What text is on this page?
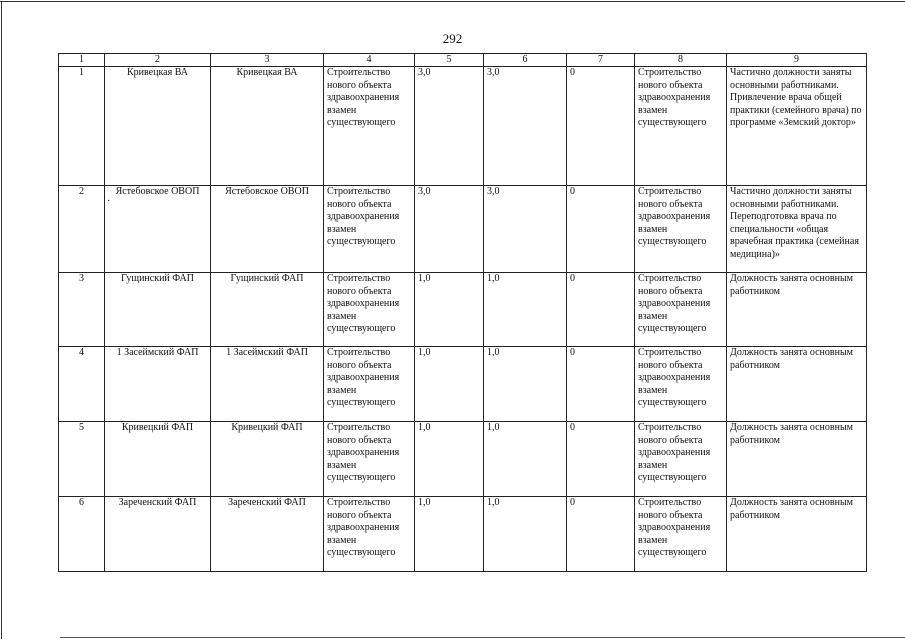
292
·
1	2	3	4	5	6	7	8	9
1	Кривецкая ВА	Кривецкая ВА	Строительство нового объекта здравоохранения взамен существующего	3,0	3,0	0	Строительство нового объекта здравоохранения взамен существующего	Частично должности заняты основными работниками. Привлечение врача общей практики (семейного врача) по программе «Земский доктор»
2	Ястебовское ОВОП	Ястебовское ОВОП	Строительство нового объекта здравоохранения взамен существующего	3,0	3,0	0	Строительство нового объекта здравоохранения взамен существующего	Частично должности заняты основными работниками. Переподготовка врача по специальности «общая врачебная практика (семейная медицина)»
3	Гущинский ФАП	Гущинский ФАП	Строительство нового объекта здравоохранения взамен существующего	1,0	1,0	0	Строительство нового объекта здравоохранения взамен существующего	Должность занята основным работником
4	1 Засеймский ФАП	1 Засеймский ФАП	Строительство нового объекта здравоохранения взамен существующего	1,0	1,0	0	Строительство нового объекта здравоохранения взамен существующего	Должность занята основным работником
5	Кривецкий ФАП	Кривецкий ФАП	Строительство нового объекта здравоохранения взамен существующего	1,0	1,0	0	Строительство нового объекта здравоохранения взамен существующего	Должность занята основным работником
6	Зареченский ФАП	Зареченский ФАП	Строительство нового объекта здравоохранения взамен существующего	1,0	1,0	0	Строительство нового объекта здравоохранения взамен существующего	Должность занята основным работником
